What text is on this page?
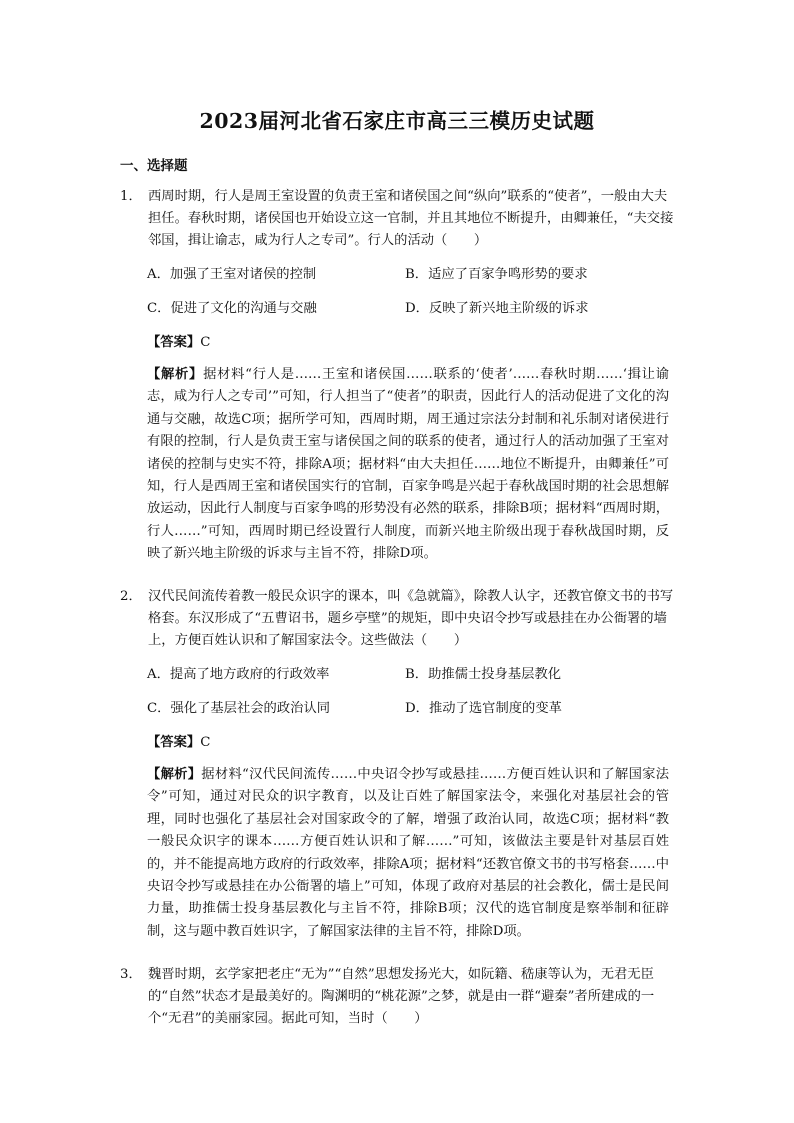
2023届河北省石家庄市高三三模历史试题
一、选择题
1． 西周时期，行人是周王室设置的负责王室和诸侯国之间“纵向”联系的“使者”，一般由大夫担任。春秋时期，诸侯国也开始设立这一官制，并且其地位不断提升，由卿兼任，“夫交接邻国，揖让谕志，咸为行人之专司”。行人的活动（　　）
A．加强了王室对诸侯的控制	B．适应了百家争鸣形势的要求
C．促进了文化的沟通与交融	D．反映了新兴地主阶级的诉求
【答案】C
【解析】据材料“行人是……王室和诸侯国……联系的‘使者’……春秋时期……‘揖让谕志，咸为行人之专司’”可知，行人担当了“使者”的职责，因此行人的活动促进了文化的沟通与交融，故选C项；据所学可知，西周时期，周王通过宗法分封制和礼乐制对诸侯进行有限的控制，行人是负责王室与诸侯国之间的联系的使者，通过行人的活动加强了王室对诸侯的控制与史实不符，排除A项；据材料“由大夫担任……地位不断提升，由卿兼任”可知，行人是西周王室和诸侯国实行的官制，百家争鸣是兴起于春秋战国时期的社会思想解放运动，因此行人制度与百家争鸣的形势没有必然的联系，排除B项；据材料“西周时期，行人……”可知，西周时期已经设置行人制度，而新兴地主阶级出现于春秋战国时期，反映了新兴地主阶级的诉求与主旨不符，排除D项。
2． 汉代民间流传着教一般民众识字的课本，叫《急就篇》，除教人认字，还教官僚文书的书写格套。东汉形成了“五曹诏书，题乡亭壁”的规矩，即中央诏令抄写或悬挂在办公衙署的墙上，方便百姓认识和了解国家法令。这些做法（　　）
A．提高了地方政府的行政效率	B．助推儒士投身基层教化
C．强化了基层社会的政治认同	D．推动了选官制度的变革
【答案】C
【解析】据材料“汉代民间流传……中央诏令抄写或悬挂……方便百姓认识和了解国家法令”可知，通过对民众的识字教育，以及让百姓了解国家法令，来强化对基层社会的管理，同时也强化了基层社会对国家政令的了解，增强了政治认同，故选C项；据材料“教一般民众识字的课本……方便百姓认识和了解……”可知，该做法主要是针对基层百姓的，并不能提高地方政府的行政效率，排除A项；据材料“还教官僚文书的书写格套……中央诏令抄写或悬挂在办公衙署的墙上”可知，体现了政府对基层的社会教化，儒士是民间力量，助推儒士投身基层教化与主旨不符，排除B项；汉代的选官制度是察举制和征辟制，这与题中教百姓识字，了解国家法律的主旨不符，排除D项。
3． 魏晋时期，玄学家把老庄“无为”“自然”思想发扬光大，如阮籍、嵇康等认为，无君无臣的“自然”状态才是最美好的。陶渊明的“桃花源”之梦，就是由一群“避秦”者所建成的一个“无君”的美丽家园。据此可知，当时（　　）
